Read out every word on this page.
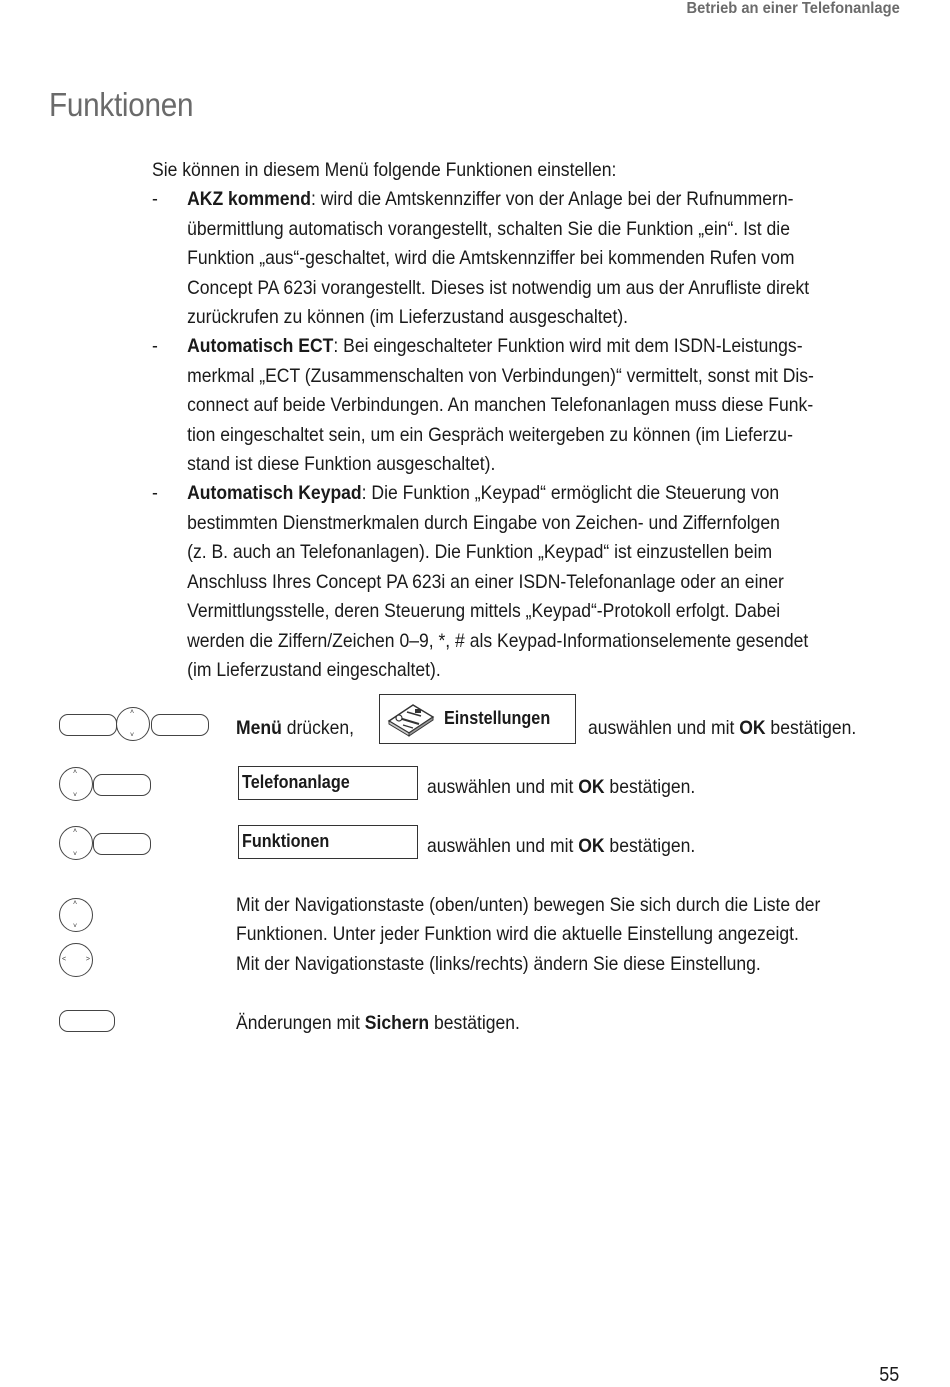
Betrieb an einer Telefonanlage
Funktionen

Sie können in diesem Menü folgende Funktionen einstellen:

- AKZ kommend: wird die Amtskennziffer von der Anlage bei der Rufnummern-
übermittlung automatisch vorangestellt, schalten Sie die Funktion „ein“. Ist die
Funktion „aus“-geschaltet, wird die Amtskennziffer bei kommenden Rufen vom
Concept PA 623i vorangestellt. Dieses ist notwendig um aus der Anrufliste direkt
zurückrufen zu können (im Lieferzustand ausgeschaltet).
- Automatisch ECT: Bei eingeschalteter Funktion wird mit dem ISDN-Leistungs-
merkmal „ECT (Zusammenschalten von Verbindungen)“ vermittelt, sonst mit Dis-
connect auf beide Verbindungen. An manchen Telefonanlagen muss diese Funk-
tion eingeschaltet sein, um ein Gespräch weitergeben zu können (im Lieferzu-
stand ist diese Funktion ausgeschaltet).
- Automatisch Keypad: Die Funktion „Keypad“ ermöglicht die Steuerung von
bestimmten Dienstmerkmalen durch Eingabe von Zeichen- und Ziffernfolgen
(z. B. auch an Telefonanlagen). Die Funktion „Keypad“ ist einzustellen beim
Anschluss Ihres Concept PA 623i an einer ISDN-Telefonanlage oder an einer
Vermittlungsstelle, deren Steuerung mittels „Keypad“-Protokoll erfolgt. Dabei
werden die Ziffern/Zeichen 0–9, *, # als Keypad-Informationselemente gesendet
(im Lieferzustand eingeschaltet).
˄
˅	Menü drücken,	Einstellungen auswählen und mit OK bestätigen.
˄
˅
Telefonanlage	auswählen und mit OK bestätigen.
˄
˅
Funktionen	auswählen und mit OK bestätigen.
˄
˅
˂	˃
Mit der Navigationstaste (oben/unten) bewegen Sie sich durch die Liste der
Funktionen. Unter jeder Funktion wird die aktuelle Einstellung angezeigt.
Mit der Navigationstaste (links/rechts) ändern Sie diese Einstellung.
Änderungen mit Sichern bestätigen.
55
